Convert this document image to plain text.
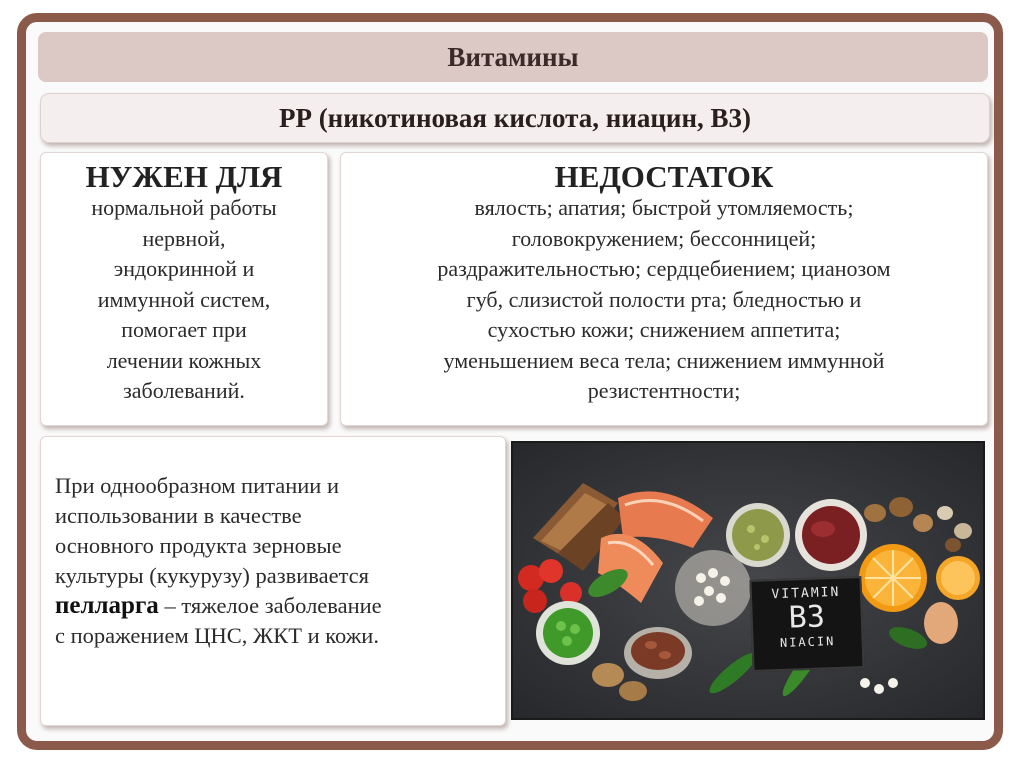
Витамины
РР (никотиновая кислота, ниацин, В3)
НУЖЕН ДЛЯ
нормальной работы
нервной,
эндокринной и
иммунной систем,
помогает при
лечении кожных
заболеваний.
НЕДОСТАТОК
вялость; апатия; быстрой утомляемость;
головокружением; бессонницей;
раздражительностью; сердцебиением; цианозом
губ, слизистой полости рта; бледностью и
сухостью кожи; снижением аппетита;
уменьшением веса тела; снижением иммунной
резистентности;

При однообразном питании и
использовании в качестве
основного продукта зерновые
культуры (кукурузу) развивается
пелларга – тяжелое заболевание
с поражением ЦНС, ЖКТ и кожи.

VITAMIN
B3
NIACIN
